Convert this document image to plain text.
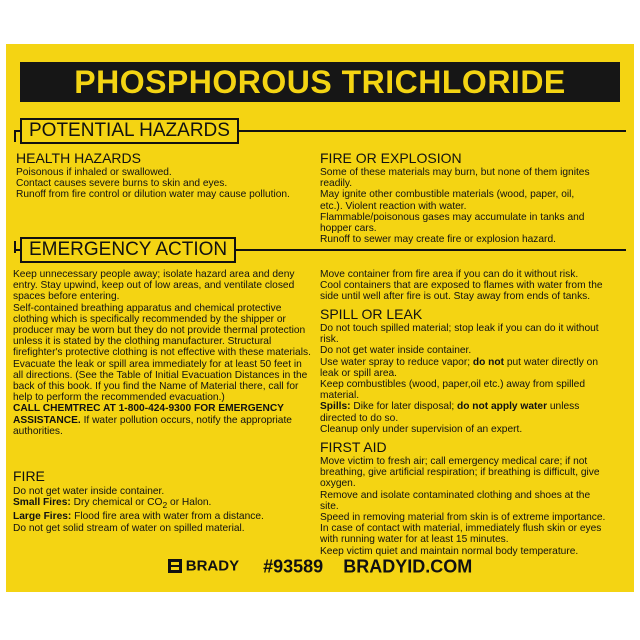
PHOSPHOROUS TRICHLORIDE
POTENTIAL HAZARDS
HEALTH HAZARDS

Poisonous if inhaled or swallowed.

Contact causes severe burns to skin and eyes.

Runoff from fire control or dilution water may cause pollution.

FIRE OR EXPLOSION

Some of these materials may burn, but none of them ignites readily.

May ignite other combustible materials (wood, paper, oil, etc.). Violent reaction with water.

Flammable/poisonous gases may accumulate in tanks and hopper cars.

Runoff to sewer may create fire or explosion hazard.

EMERGENCY ACTION

Keep unnecessary people away; isolate hazard area and deny entry. Stay upwind, keep out of low areas, and ventilate closed spaces before entering.

Self-contained breathing apparatus and chemical protective clothing which is specifically recommended by the shipper or producer may be worn but they do not provide thermal protection unless it is stated by the clothing manufacturer. Structural firefighter's protective clothing is not effective with these materials.

Evacuate the leak or spill area immediately for at least 50 feet in all directions. (See the Table of Initial Evacuation Distances in the back of this book. If you find the Name of Material there, call for help to perform the recommended evacuation.)

CALL CHEMTREC AT 1-800-424-9300 FOR EMERGENCY ASSISTANCE. If water pollution occurs, notify the appropriate authorities.

FIRE

Do not get water inside container.

Small Fires: Dry chemical or $CO_2$ or Halon.

Large Fires: Flood fire area with water from a distance.

Do not get solid stream of water on spilled material.

Move container from fire area if you can do it without risk.

Cool containers that are exposed to flames with water from the side until well after fire is out. Stay away from ends of tanks.

SPILL OR LEAK

Do not touch spilled material; stop leak if you can do it without risk.

Do not get water inside container.

Use water spray to reduce vapor; do not put water directly on leak or spill area.

Keep combustibles (wood, paper,oil etc.) away from spilled material.

Spills: Dike for later disposal; do not apply water unless directed to do so.

Cleanup only under supervision of an expert.

FIRST AID

Move victim to fresh air; call emergency medical care; if not breathing, give artificial respiration; if breathing is difficult, give oxygen.

Remove and isolate contaminated clothing and shoes at the site.

Speed in removing material from skin is of extreme importance.

In case of contact with material, immediately flush skin or eyes with running water for at least 15 minutes.

Keep victim quiet and maintain normal body temperature.

BRADY #93589 BRADYID.COM
